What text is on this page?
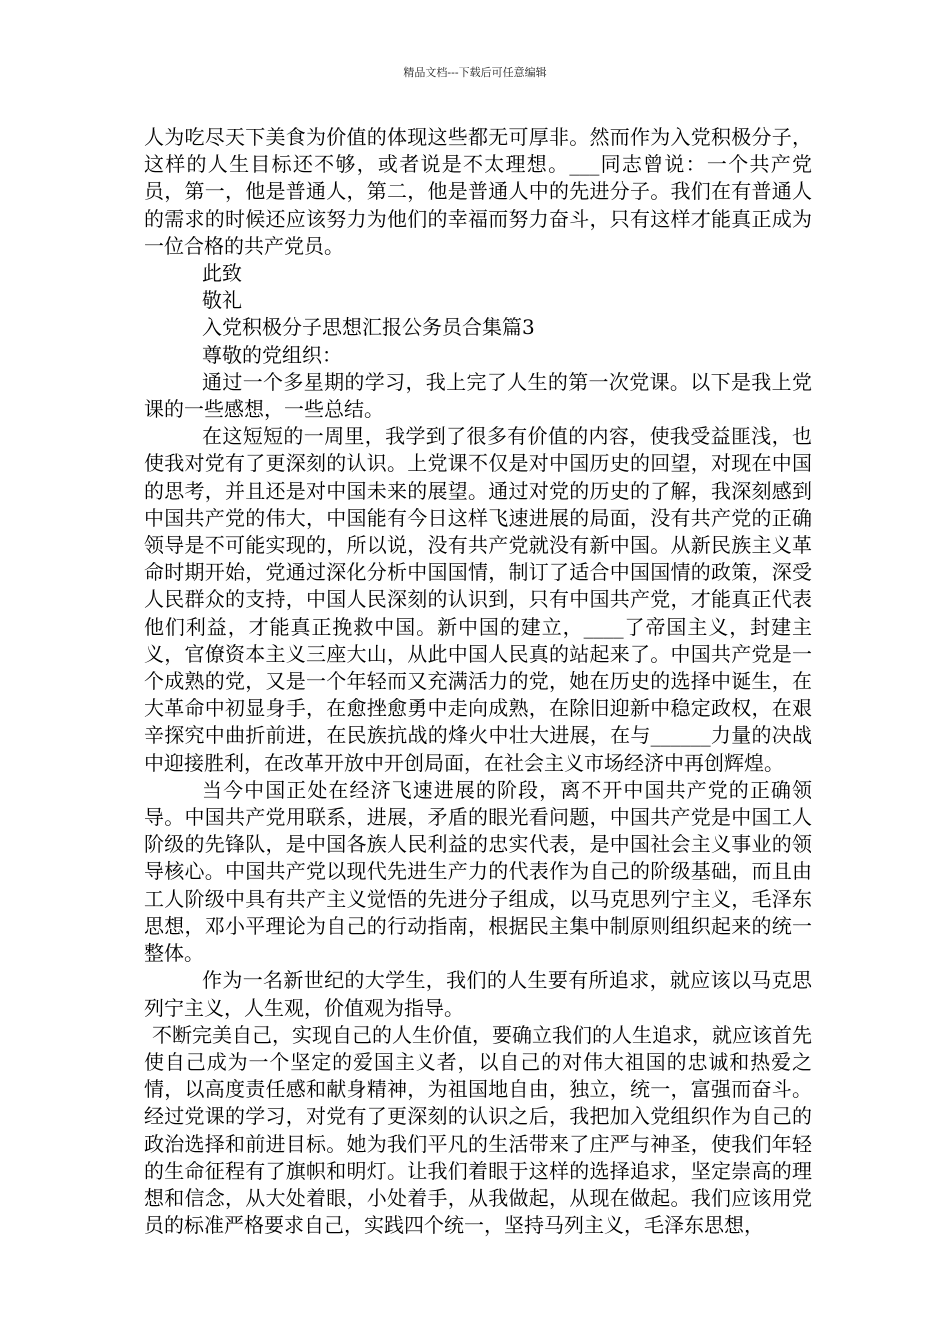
精品文档---下载后可任意编辑

人为吃尽天下美食为价值的体现这些都无可厚非。然而作为入党积极分子，这样的人生目标还不够，或者说是不太理想。___同志曾说：一个共产党员，第一，他是普通人，第二，他是普通人中的先进分子。我们在有普通人的需求的时候还应该努力为他们的幸福而努力奋斗，只有这样才能真正成为一位合格的共产党员。

此致

敬礼

入党积极分子思想汇报公务员合集篇3

尊敬的党组织：

通过一个多星期的学习，我上完了人生的第一次党课。以下是我上党课的一些感想，一些总结。

在这短短的一周里，我学到了很多有价值的内容，使我受益匪浅，也使我对党有了更深刻的认识。上党课不仅是对中国历史的回望，对现在中国的思考，并且还是对中国未来的展望。通过对党的历史的了解，我深刻感到中国共产党的伟大，中国能有今日这样飞速进展的局面，没有共产党的正确领导是不可能实现的，所以说，没有共产党就没有新中国。从新民族主义革命时期开始，党通过深化分析中国国情，制订了适合中国国情的政策，深受人民群众的支持，中国人民深刻的认识到，只有中国共产党，才能真正代表他们利益，才能真正挽救中国。新中国的建立，____了帝国主义，封建主义，官僚资本主义三座大山，从此中国人民真的站起来了。中国共产党是一个成熟的党，又是一个年轻而又充满活力的党，她在历史的选择中诞生，在大革命中初显身手，在愈挫愈勇中走向成熟，在除旧迎新中稳定政权，在艰辛探究中曲折前进，在民族抗战的烽火中壮大进展，在与______力量的决战中迎接胜利，在改革开放中开创局面，在社会主义市场经济中再创辉煌。

当今中国正处在经济飞速进展的阶段，离不开中国共产党的正确领导。中国共产党用联系，进展，矛盾的眼光看问题，中国共产党是中国工人阶级的先锋队，是中国各族人民利益的忠实代表，是中国社会主义事业的领导核心。中国共产党以现代先进生产力的代表作为自己的阶级基础，而且由工人阶级中具有共产主义觉悟的先进分子组成，以马克思列宁主义，毛泽东思想，邓小平理论为自己的行动指南，根据民主集中制原则组织起来的统一整体。

作为一名新世纪的大学生，我们的人生要有所追求，就应该以马克思列宁主义，人生观，价值观为指导。

不断完美自己，实现自己的人生价值，要确立我们的人生追求，就应该首先使自己成为一个坚定的爱国主义者，以自己的对伟大祖国的忠诚和热爱之情，以高度责任感和献身精神，为祖国地自由，独立，统一，富强而奋斗。经过党课的学习，对党有了更深刻的认识之后，我把加入党组织作为自己的政治选择和前进目标。她为我们平凡的生活带来了庄严与神圣，使我们年轻的生命征程有了旗帜和明灯。让我们着眼于这样的选择追求，坚定崇高的理想和信念，从大处着眼，小处着手，从我做起，从现在做起。我们应该用党员的标准严格要求自己，实践四个统一，坚持马列主义，毛泽东思想，
